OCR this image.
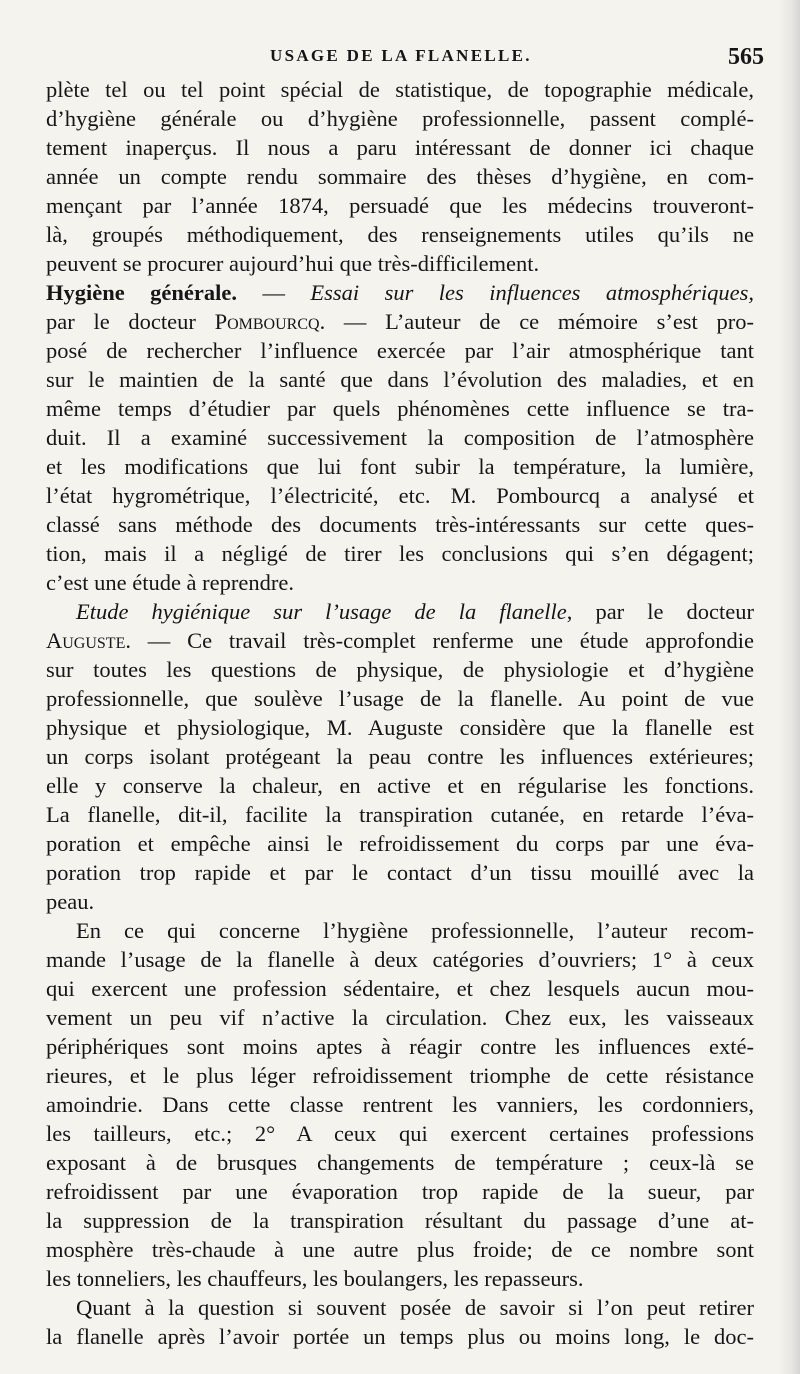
USAGE DE LA FLANELLE.	565
plète tel ou tel point spécial de statistique, de topographie médicale,
d’hygiène générale ou d’hygiène professionnelle, passent complé-
tement inaperçus. Il nous a paru intéressant de donner ici chaque
année un compte rendu sommaire des thèses d’hygiène, en com-
mençant par l’année 1874, persuadé que les médecins trouveront-
là, groupés méthodiquement, des renseignements utiles qu’ils ne
peuvent se procurer aujourd’hui que très-difficilement.
Hygiène générale. — Essai sur les influences atmosphériques,
par le docteur Pombourcq. — L’auteur de ce mémoire s’est pro-
posé de rechercher l’influence exercée par l’air atmosphérique tant
sur le maintien de la santé que dans l’évolution des maladies, et en
même temps d’étudier par quels phénomènes cette influence se tra-
duit. Il a examiné successivement la composition de l’atmosphère
et les modifications que lui font subir la température, la lumière,
l’état hygrométrique, l’électricité, etc. M. Pombourcq a analysé et
classé sans méthode des documents très-intéressants sur cette ques-
tion, mais il a négligé de tirer les conclusions qui s’en dégagent;
c’est une étude à reprendre.
Etude hygiénique sur l’usage de la flanelle, par le docteur
Auguste. — Ce travail très-complet renferme une étude approfondie
sur toutes les questions de physique, de physiologie et d’hygiène
professionnelle, que soulève l’usage de la flanelle. Au point de vue
physique et physiologique, M. Auguste considère que la flanelle est
un corps isolant protégeant la peau contre les influences extérieures;
elle y conserve la chaleur, en active et en régularise les fonctions.
La flanelle, dit-il, facilite la transpiration cutanée, en retarde l’éva-
poration et empêche ainsi le refroidissement du corps par une éva-
poration trop rapide et par le contact d’un tissu mouillé avec la
peau.
En ce qui concerne l’hygiène professionnelle, l’auteur recom-
mande l’usage de la flanelle à deux catégories d’ouvriers; 1° à ceux
qui exercent une profession sédentaire, et chez lesquels aucun mou-
vement un peu vif n’active la circulation. Chez eux, les vaisseaux
périphériques sont moins aptes à réagir contre les influences exté-
rieures, et le plus léger refroidissement triomphe de cette résistance
amoindrie. Dans cette classe rentrent les vanniers, les cordonniers,
les tailleurs, etc.; 2° A ceux qui exercent certaines professions
exposant à de brusques changements de température ; ceux-là se
refroidissent par une évaporation trop rapide de la sueur, par
la suppression de la transpiration résultant du passage d’une at-
mosphère très-chaude à une autre plus froide; de ce nombre sont
les tonneliers, les chauffeurs, les boulangers, les repasseurs.
Quant à la question si souvent posée de savoir si l’on peut retirer
la flanelle après l’avoir portée un temps plus ou moins long, le doc-
